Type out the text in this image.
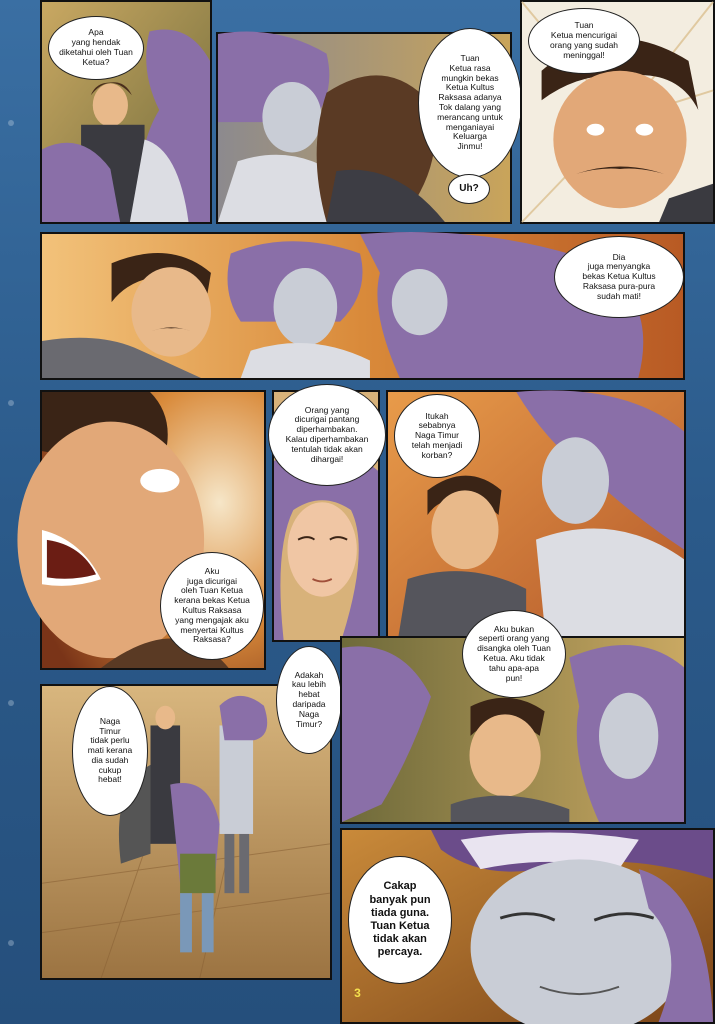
Apa
yang hendak
diketahui oleh Tuan
Ketua?	Tuan
Ketua rasa
mungkin bekas
Ketua Kultus
Raksasa adanya
Tok dalang yang
merancang untuk
menganiayai
Keluarga
Jinmu!
Uh?
Tuan
Ketua mencurigai
orang yang sudah
meninggal!
Dia
juga menyangka
bekas Ketua Kultus
Raksasa pura-pura
sudah mati!
Aku
juga dicurigai
oleh Tuan Ketua
kerana bekas Ketua
Kultus Raksasa
yang mengajak aku
menyertai Kultus
Raksasa?
Orang yang
dicurigai pantang
diperhambakan.
Kalau diperhambakan
tentulah tidak akan
dihargai!
Itukah
sebabnya
Naga Timur
telah menjadi
korban?
Naga
Timur
tidak perlu
mati kerana
dia sudah
cukup
hebat!
Adakah
kau lebih
hebat
daripada
Naga
Timur?
Aku bukan
seperti orang yang
disangka oleh Tuan
Ketua. Aku tidak
tahu apa-apa
pun!
Cakap
banyak pun
tiada guna.
Tuan Ketua
tidak akan
percaya.
3
